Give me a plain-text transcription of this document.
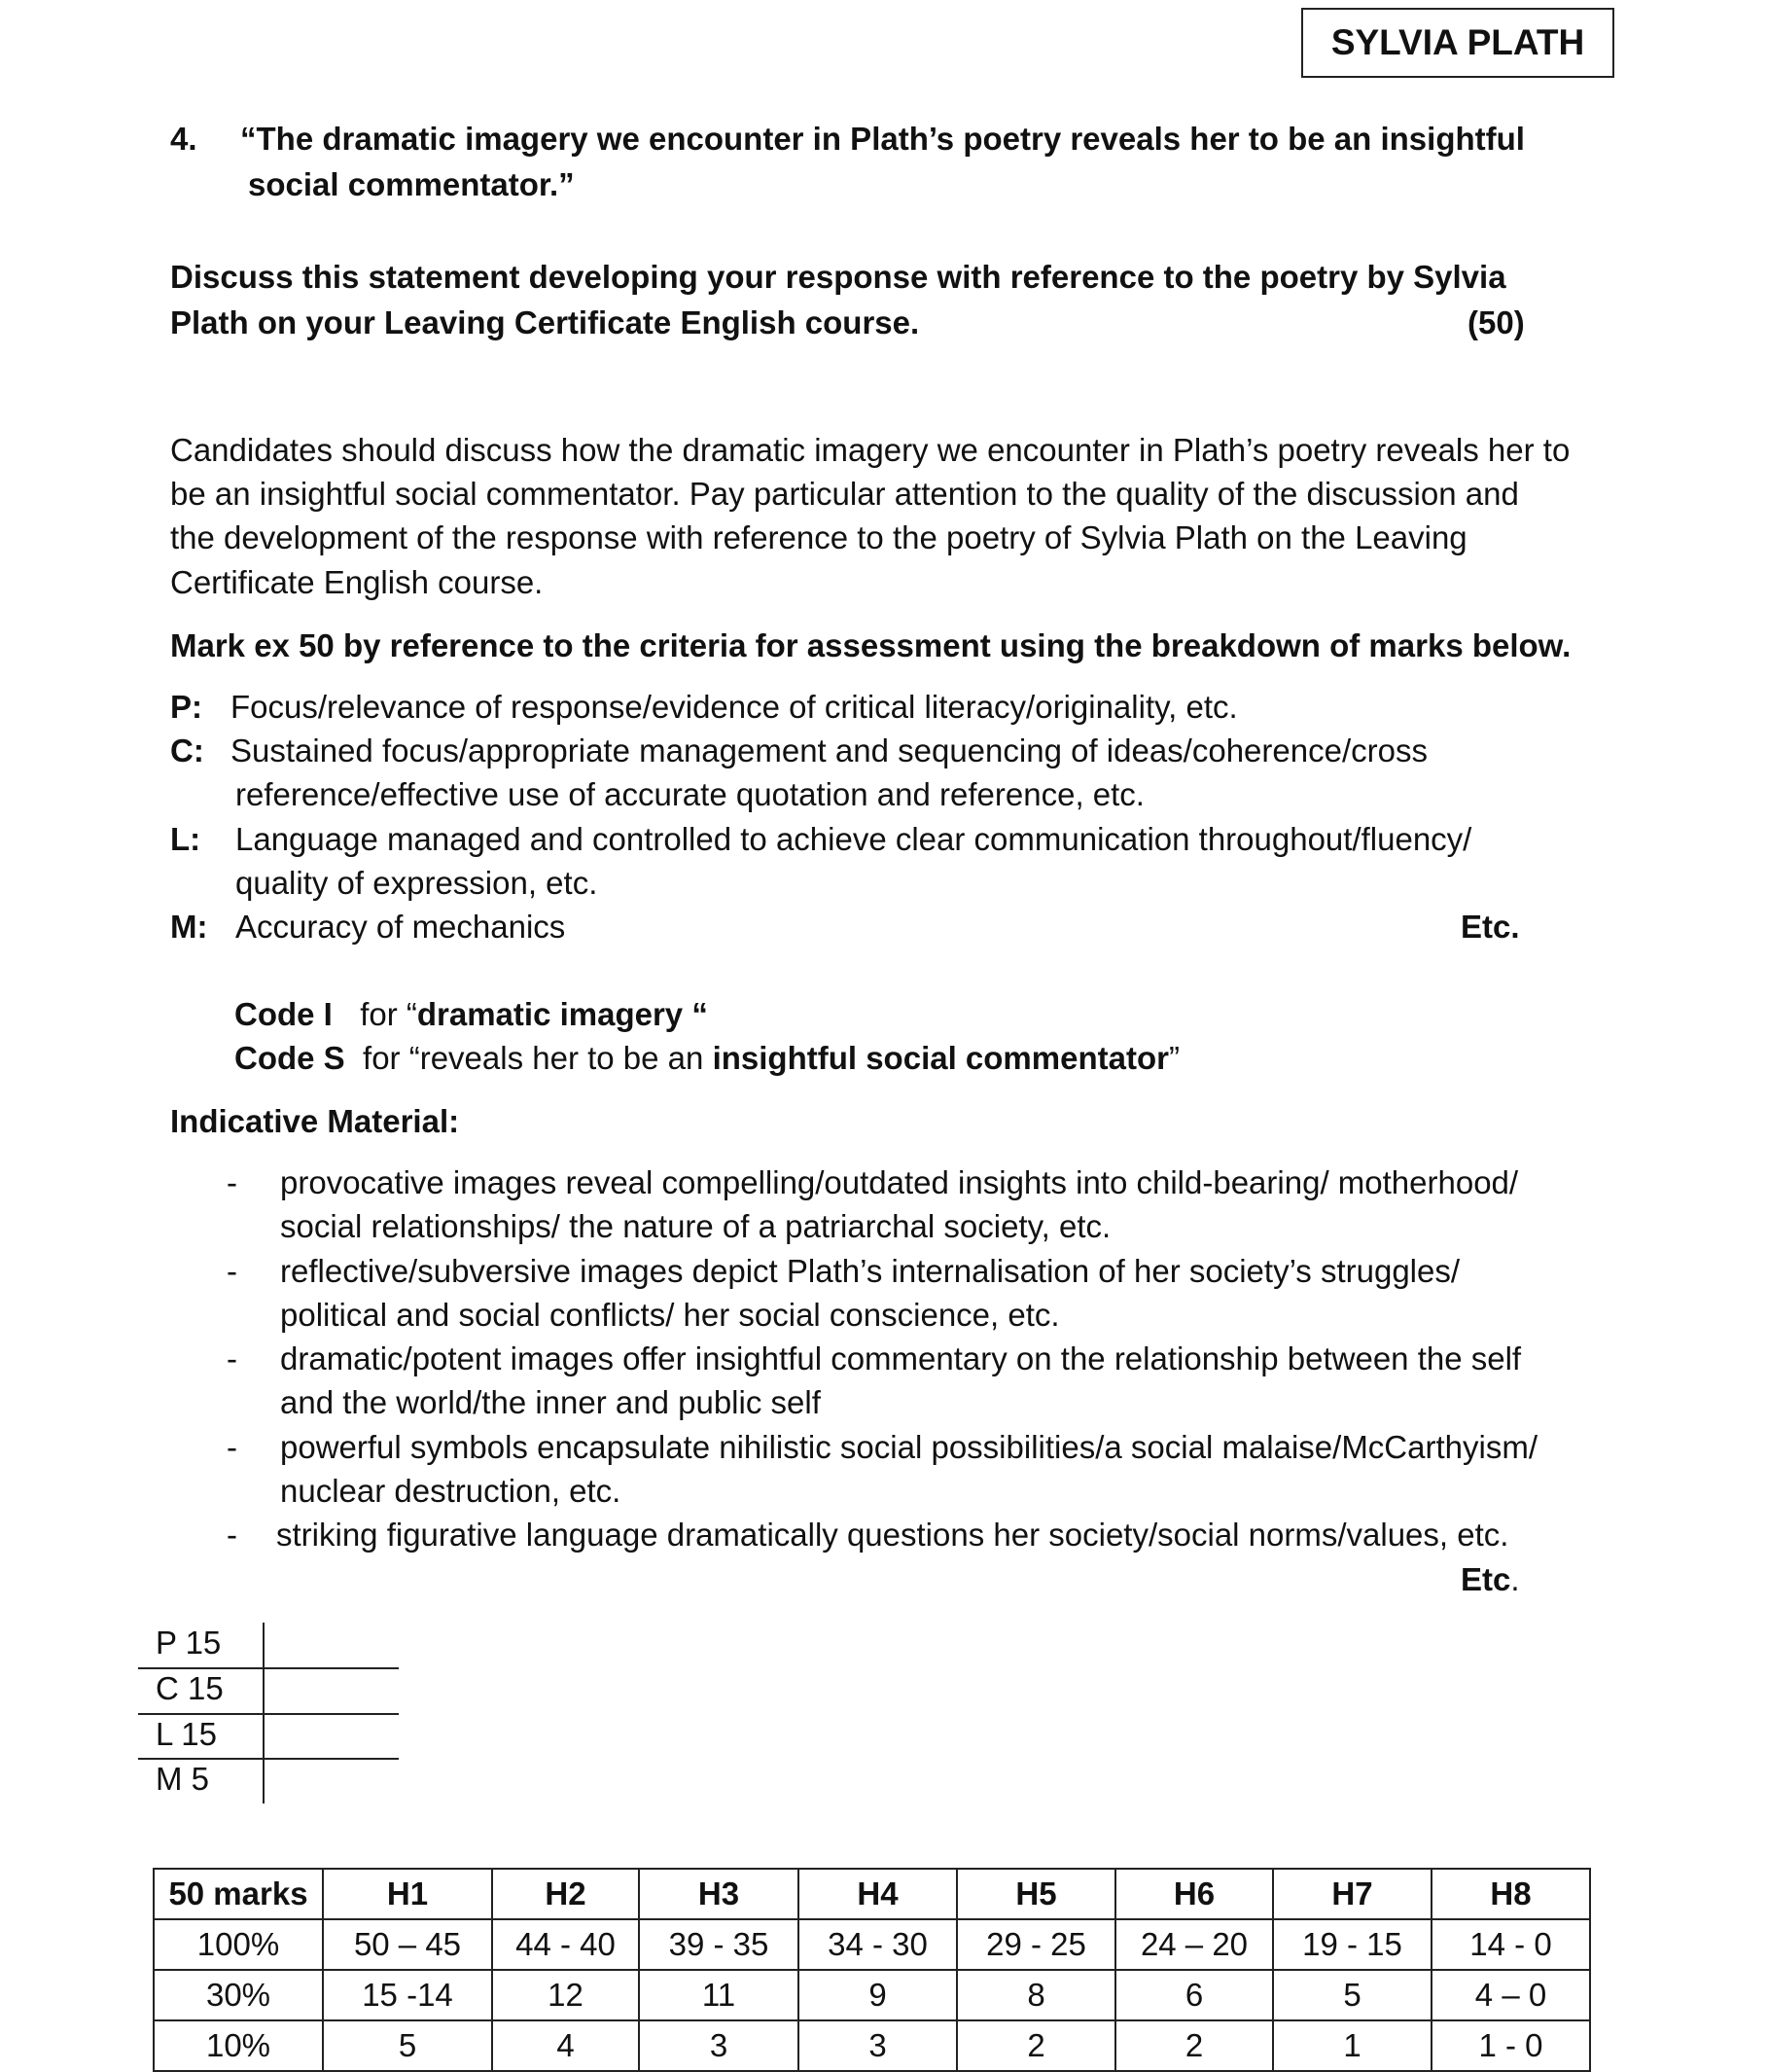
SYLVIA PLATH
4. “The dramatic imagery we encounter in Plath’s poetry reveals her to be an insightful
social commentator.”
Discuss this statement developing your response with reference to the poetry by Sylvia
Plath on your Leaving Certificate English course.	(50)
Candidates should discuss how the dramatic imagery we encounter in Plath’s poetry reveals her to
be an insightful social commentator. Pay particular attention to the quality of the discussion and
the development of the response with reference to the poetry of Sylvia Plath on the Leaving
Certificate English course.
Mark ex 50 by reference to the criteria for assessment using the breakdown of marks below.
P: Focus/relevance of response/evidence of critical literacy/originality, etc.
C: Sustained focus/appropriate management and sequencing of ideas/coherence/cross
reference/effective use of accurate quotation and reference, etc.
L: Language managed and controlled to achieve clear communication throughout/fluency/
quality of expression, etc.
M: Accuracy of mechanics	Etc.
Code I for “dramatic imagery “
Code S for “reveals her to be an insightful social commentator”
Indicative Material:
- provocative images reveal compelling/outdated insights into child-bearing/ motherhood/
social relationships/ the nature of a patriarchal society, etc.
- reflective/subversive images depict Plath’s internalisation of her society’s struggles/
political and social conflicts/ her social conscience, etc.
- dramatic/potent images offer insightful commentary on the relationship between the self
and the world/the inner and public self
- powerful symbols encapsulate nihilistic social possibilities/a social malaise/McCarthyism/
nuclear destruction, etc.
- striking figurative language dramatically questions her society/social norms/values, etc.
Etc.
P 15
C 15
L 15
M 5
50 marks	H1	H2	H3	H4	H5	H6	H7	H8
100%	50 – 45	44 - 40	39 - 35	34 - 30	29 - 25	24 – 20	19 - 15	14 - 0
30%	15 -14	12	11	9	8	6	5	4 – 0
10%	5	4	3	3	2	2	1	1 - 0
